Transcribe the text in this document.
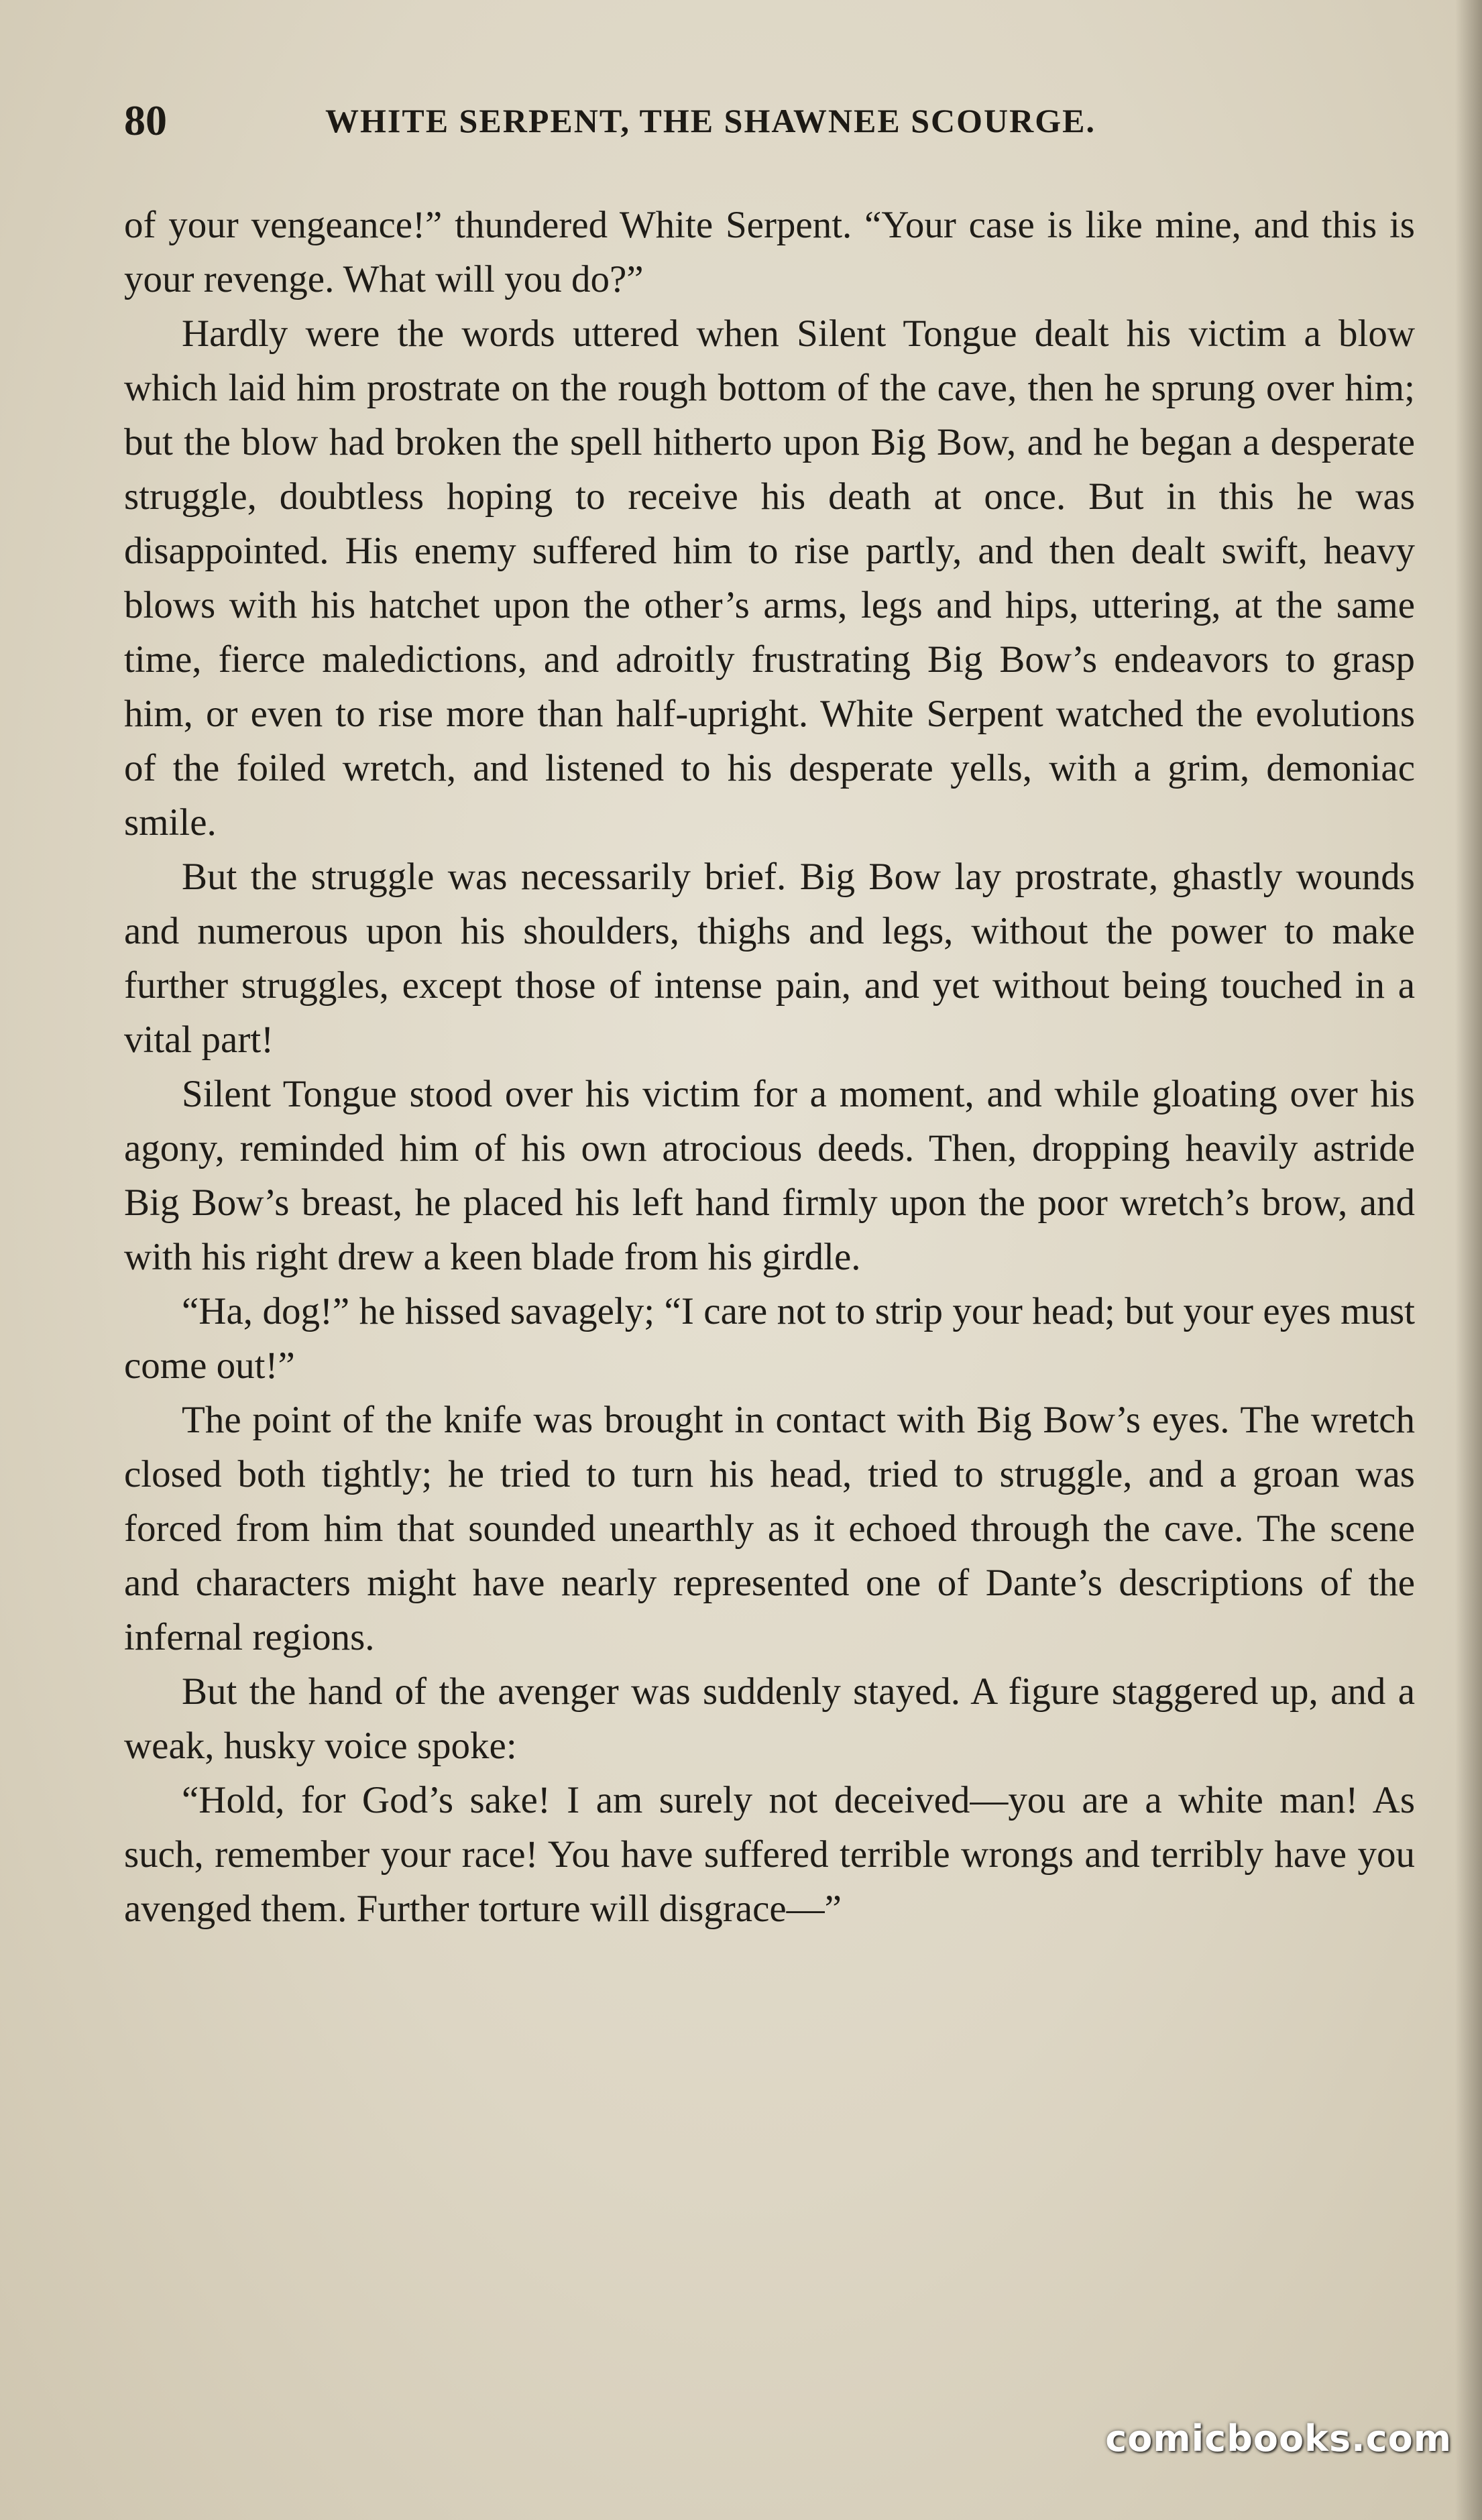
80	WHITE SERPENT, THE SHAWNEE SCOURGE.

of your vengeance!” thundered White Serpent. “Your case is like mine, and this is your revenge. What will you do?”

Hardly were the words uttered when Silent Tongue dealt his victim a blow which laid him prostrate on the rough bottom of the cave, then he sprung over him; but the blow had broken the spell hitherto upon Big Bow, and he began a desperate struggle, doubtless hoping to receive his death at once. But in this he was disappointed. His enemy suffered him to rise partly, and then dealt swift, heavy blows with his hatchet upon the other’s arms, legs and hips, uttering, at the same time, fierce maledictions, and adroitly frustrating Big Bow’s endeavors to grasp him, or even to rise more than half-upright. White Serpent watched the evolutions of the foiled wretch, and listened to his desperate yells, with a grim, demoniac smile.

But the struggle was necessarily brief. Big Bow lay prostrate, ghastly wounds and numerous upon his shoulders, thighs and legs, without the power to make further struggles, except those of intense pain, and yet without being touched in a vital part!

Silent Tongue stood over his victim for a moment, and while gloating over his agony, reminded him of his own atrocious deeds. Then, dropping heavily astride Big Bow’s breast, he placed his left hand firmly upon the poor wretch’s brow, and with his right drew a keen blade from his girdle.

“Ha, dog!” he hissed savagely; “I care not to strip your head; but your eyes must come out!”

The point of the knife was brought in contact with Big Bow’s eyes. The wretch closed both tightly; he tried to turn his head, tried to struggle, and a groan was forced from him that sounded unearthly as it echoed through the cave. The scene and characters might have nearly represented one of Dante’s descriptions of the infernal regions.

But the hand of the avenger was suddenly stayed. A figure staggered up, and a weak, husky voice spoke:

“Hold, for God’s sake! I am surely not deceived—you are a white man! As such, remember your race! You have suffered terrible wrongs and terribly have you avenged them. Further torture will disgrace—”

comicbooks.com
